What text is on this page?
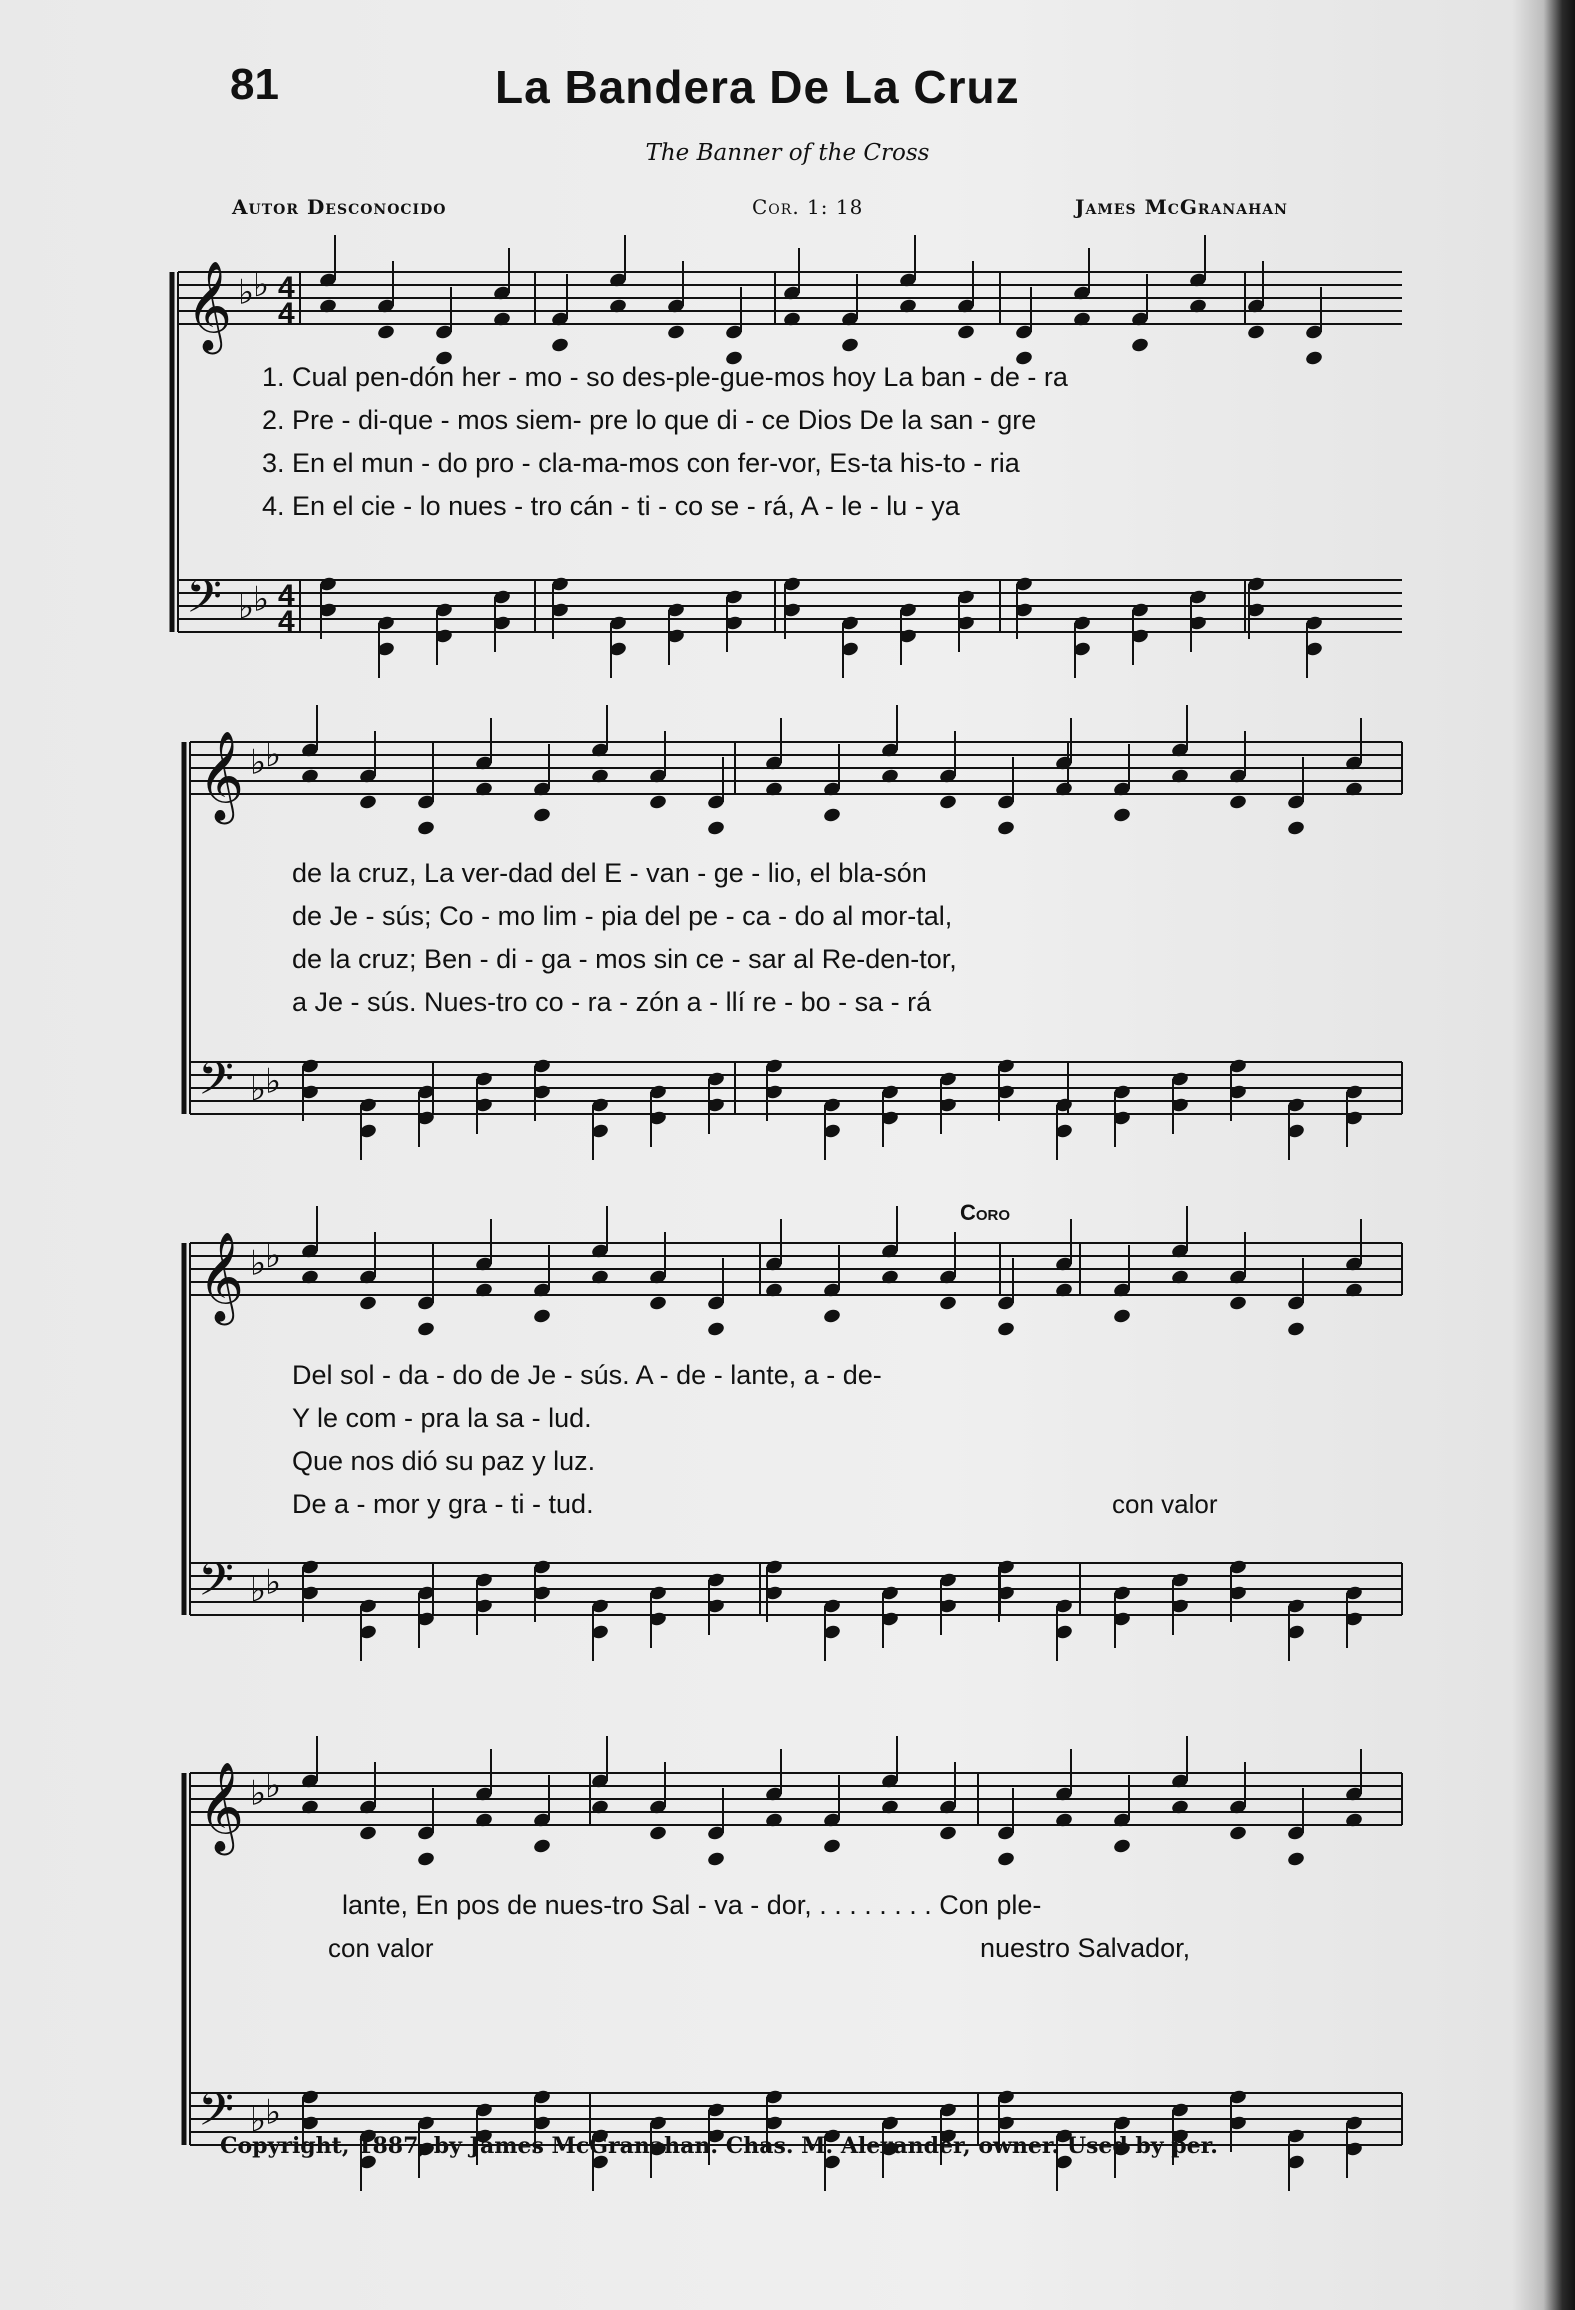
81	La Bandera De La Cruz
The Banner of the Cross
Autor Desconocido	Cor. 1: 18	James McGranahan
𝄞
𝄢
♭
♭
♭
♭
4
4
4
4
𝄞
𝄢
♭
♭
♭
♭
𝄞
𝄢
♭
♭
♭
♭
𝄞
𝄢
♭
♭
♭
♭
1. Cual pen-dón her - mo - so des-ple-gue-mos hoy La ban - de - ra
2. Pre - di-que - mos siem- pre lo que di - ce Dios De la san - gre
3. En el mun - do pro - cla-ma-mos con fer-vor, Es-ta his-to - ria
4. En el cie - lo nues - tro cán - ti - co se - rá, A - le - lu - ya
de la cruz, La ver-dad del E - van - ge - lio, el bla-són
de Je - sús; Co - mo lim - pia del pe - ca - do al mor-tal,
de la cruz; Ben - di - ga - mos sin ce - sar al Re-den-tor,
a Je - sús. Nues-tro co - ra - zón a - llí re - bo - sa - rá
Coro
Del sol - da - do de Je - sús. A - de - lante, a - de-
Y le com - pra la sa - lud.
Que nos dió su paz y luz.
De a - mor y gra - ti - tud.	con valor
lante, En pos de nues-tro Sal - va - dor, . . . . . . . . Con ple-
con valor	nuestro Salvador,
Copyright, 1887, by James McGranahan. Chas. M. Alexander, owner. Used by per.
